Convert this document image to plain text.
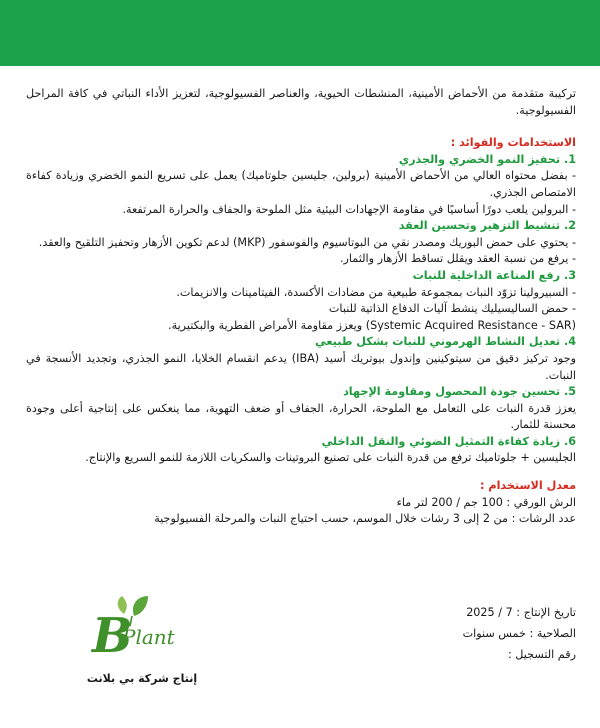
تركيبة متقدمة من الأحماض الأمينية، المنشطات الحيوية، والعناصر الفسيولوجية، لتعزيز الأداء النباتي في كافة المراحل الفسيولوجية.

الاستخدامات والفوائد :

1. تحفيز النمو الخضري والجذري

- بفضل محتواه العالي من الأحماض الأمينية (برولين، جليسين جلوتاميك) يعمل على تسريع النمو الخضري وزيادة كفاءة الامتصاص الجذري.

- البرولين يلعب دورًا أساسيًا في مقاومة الإجهادات البيئية مثل الملوحة والجفاف والحرارة المرتفعة.

2. تنشيط التزهير وتحسين العقد

- يحتوي على حمض البوريك ومصدر نقي من البوتاسيوم والفوسفور (MKP) لدعم تكوين الأزهار وتحفيز التلقيح والعقد.

- يرفع من نسبة العقد ويقلل تساقط الأزهار والثمار.

3. رفع المناعة الداخلية للنبات

- السبيرولينا تزوّد النبات بمجموعة طبيعية من مضادات الأكسدة، الفيتامينات والانزيمات.

- حمض الساليسيليك ينشط آليات الدفاع الذاتية للنبات

(Systemic Acquired Resistance - SAR) ويعزز مقاومة الأمراض الفطرية والبكتيرية.

4. تعديل النشاط الهرموني للنبات بشكل طبيعي

وجود تركيز دقيق من سيتوكينين وإندول بيوتريك أسيد (IBA) يدعم انقسام الخلايا، النمو الجذري، وتجديد الأنسجة في النبات.

5. تحسين جودة المحصول ومقاومة الإجهاد

يعزز قدرة النبات على التعامل مع الملوحة، الحرارة، الجفاف أو ضعف التهوية، مما ينعكس على إنتاجية أعلى وجودة محسنة للثمار.

6. زيادة كفاءة التمثيل الضوئي والنقل الداخلي

الجليسين + جلوتاميك ترفع من قدرة النبات على تصنيع البروتينات والسكريات اللازمة للنمو السريع والإنتاج.

معدل الاستخدام :

الرش الورقي : 100 جم / 200 لتر ماء

عدد الرشات : من 2 إلى 3 رشات خلال الموسم، حسب احتياج النبات والمرحلة الفسيولوجية

تاريخ الإنتاج : 7 / 2025
الصلاحية : خمس سنوات
رقم التسجيل :
B
Plant
إنتاج شركة بي بلانت
